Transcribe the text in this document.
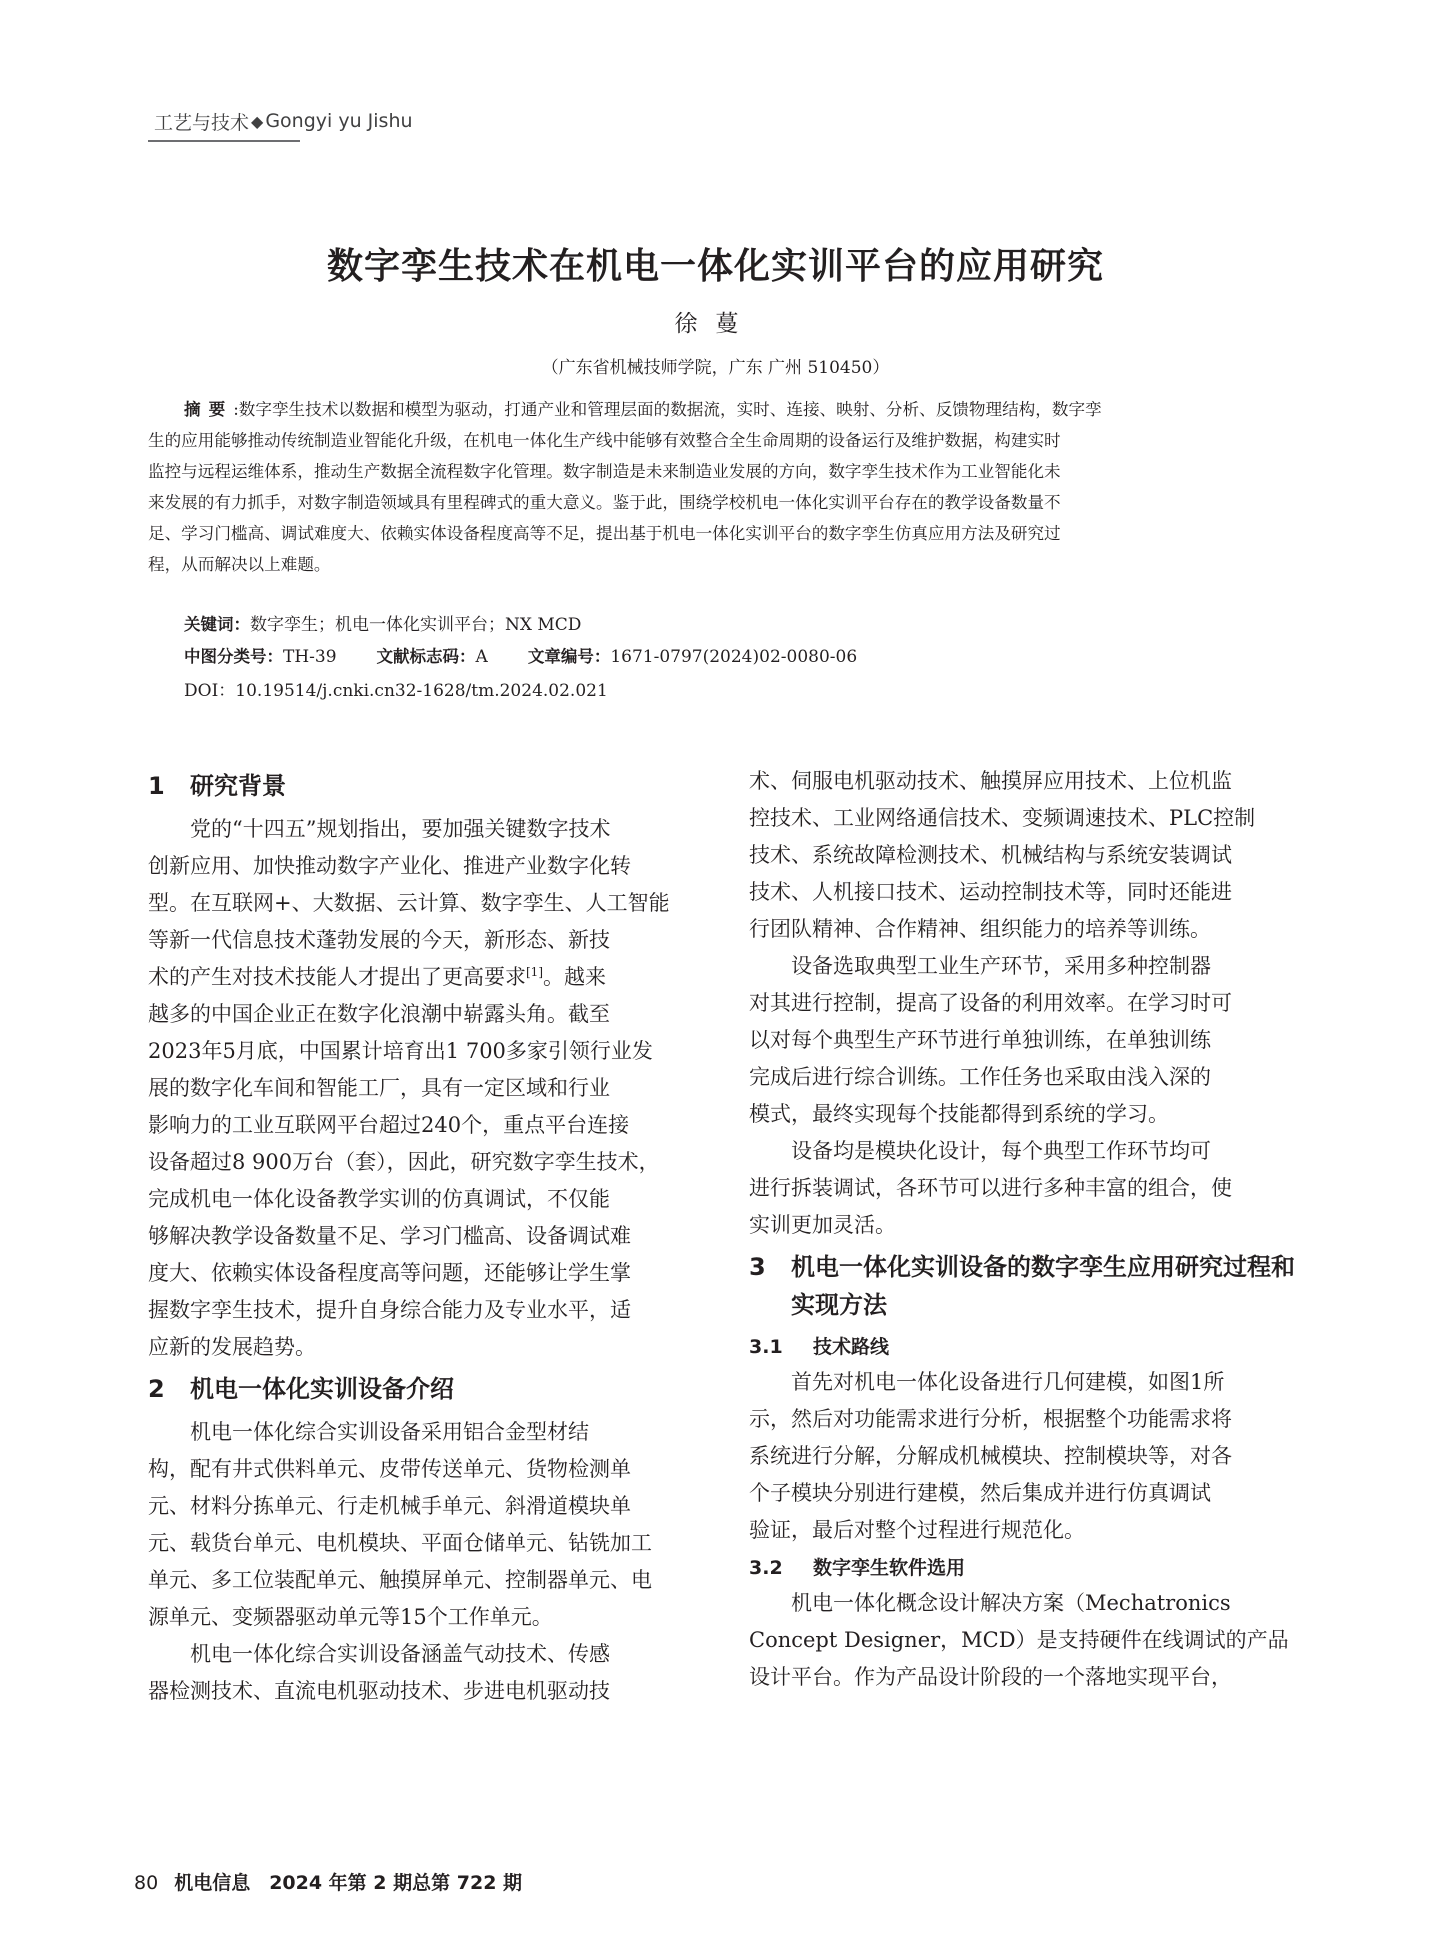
工艺与技术 ◆ Gongyi yu Jishu
数字孪生技术在机电一体化实训平台的应用研究
徐蔓
（广东省机械技师学院，广东 广州 510450）
摘要:数字孪生技术以数据和模型为驱动，打通产业和管理层面的数据流，实时、连接、映射、分析、反馈物理结构，数字孪
生的应用能够推动传统制造业智能化升级，在机电一体化生产线中能够有效整合全生命周期的设备运行及维护数据，构建实时
监控与远程运维体系，推动生产数据全流程数字化管理。数字制造是未来制造业发展的方向，数字孪生技术作为工业智能化未
来发展的有力抓手，对数字制造领域具有里程碑式的重大意义。鉴于此，围绕学校机电一体化实训平台存在的教学设备数量不
足、学习门槛高、调试难度大、依赖实体设备程度高等不足，提出基于机电一体化实训平台的数字孪生仿真应用方法及研究过
程，从而解决以上难题。
关键词：数字孪生；机电一体化实训平台；NX MCD
中图分类号：TH-39 文献标志码：A 文章编号：1671-0797(2024)02-0080-06
DOI：10.19514/j.cnki.cn32-1628/tm.2024.02.021
1 研究背景

党的“十四五”规划指出，要加强关键数字技术

创新应用、加快推动数字产业化、推进产业数字化转

型。在互联网+、大数据、云计算、数字孪生、人工智能

等新一代信息技术蓬勃发展的今天，新形态、新技

术的产生对技术技能人才提出了更高要求[1]。越来

越多的中国企业正在数字化浪潮中崭露头角。截至

2023年5月底，中国累计培育出1 700多家引领行业发

展的数字化车间和智能工厂，具有一定区域和行业

影响力的工业互联网平台超过240个，重点平台连接

设备超过8 900万台（套），因此，研究数字孪生技术，

完成机电一体化设备教学实训的仿真调试，不仅能

够解决教学设备数量不足、学习门槛高、设备调试难

度大、依赖实体设备程度高等问题，还能够让学生掌

握数字孪生技术，提升自身综合能力及专业水平，适

应新的发展趋势。

2 机电一体化实训设备介绍

机电一体化综合实训设备采用铝合金型材结

构，配有井式供料单元、皮带传送单元、货物检测单

元、材料分拣单元、行走机械手单元、斜滑道模块单

元、载货台单元、电机模块、平面仓储单元、钻铣加工

单元、多工位装配单元、触摸屏单元、控制器单元、电

源单元、变频器驱动单元等15个工作单元。

机电一体化综合实训设备涵盖气动技术、传感

器检测技术、直流电机驱动技术、步进电机驱动技

术、伺服电机驱动技术、触摸屏应用技术、上位机监

控技术、工业网络通信技术、变频调速技术、PLC控制

技术、系统故障检测技术、机械结构与系统安装调试

技术、人机接口技术、运动控制技术等，同时还能进

行团队精神、合作精神、组织能力的培养等训练。

设备选取典型工业生产环节，采用多种控制器

对其进行控制，提高了设备的利用效率。在学习时可

以对每个典型生产环节进行单独训练，在单独训练

完成后进行综合训练。工作任务也采取由浅入深的

模式，最终实现每个技能都得到系统的学习。

设备均是模块化设计，每个典型工作环节均可

进行拆装调试，各环节可以进行多种丰富的组合，使

实训更加灵活。

3	机电一体化实训设备的数字孪生应用研究过程和实现方法
3.1 技术路线

首先对机电一体化设备进行几何建模，如图1所

示，然后对功能需求进行分析，根据整个功能需求将

系统进行分解，分解成机械模块、控制模块等，对各

个子模块分别进行建模，然后集成并进行仿真调试

验证，最后对整个过程进行规范化。

3.2 数字孪生软件选用

机电一体化概念设计解决方案（Mechatronics

Concept Designer，MCD）是支持硬件在线调试的产品

设计平台。作为产品设计阶段的一个落地实现平台，

80 机电信息　2024 年第 2 期总第 722 期
